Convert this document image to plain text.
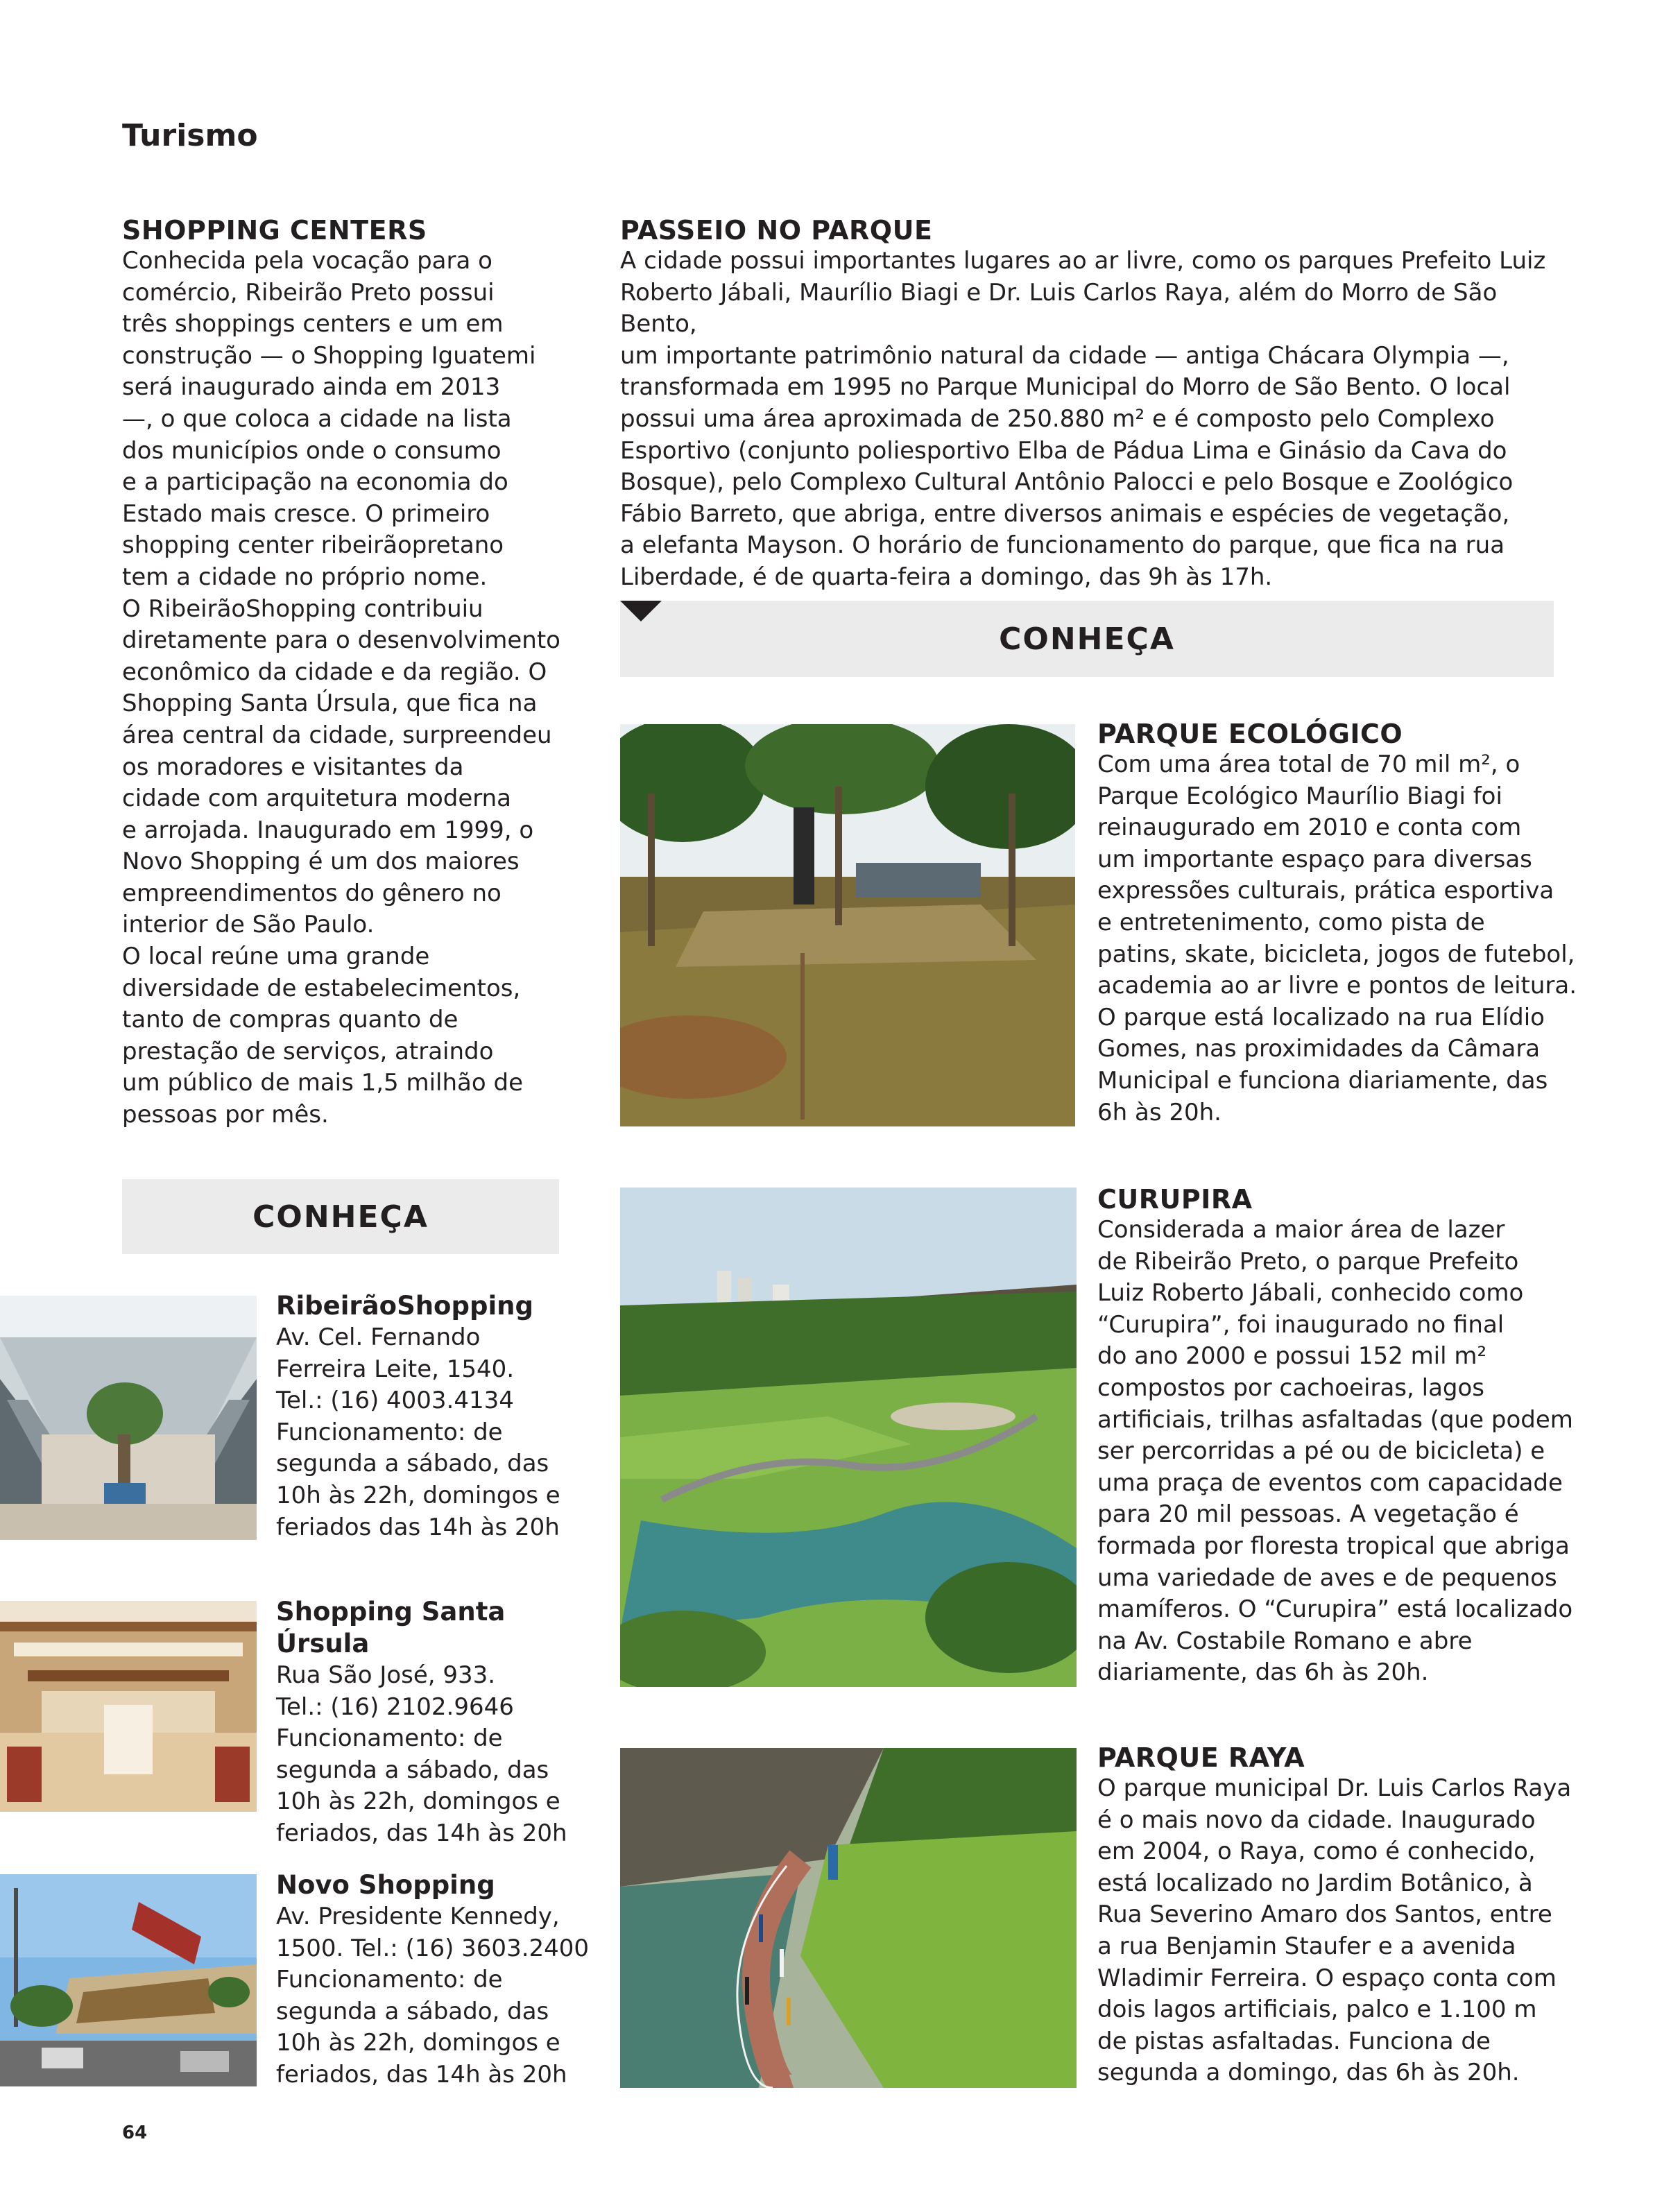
Turismo
SHOPPING CENTERS

Conhecida pela vocação para o
comércio, Ribeirão Preto possui
três shoppings centers e um em
construção — o Shopping Iguatemi
será inaugurado ainda em 2013
—, o que coloca a cidade na lista
dos municípios onde o consumo
e a participação na economia do
Estado mais cresce. O primeiro
shopping center ribeirãopretano
tem a cidade no próprio nome.
O RibeirãoShopping contribuiu
diretamente para o desenvolvimento
econômico da cidade e da região. O
Shopping Santa Úrsula, que fica na
área central da cidade, surpreendeu
os moradores e visitantes da
cidade com arquitetura moderna
e arrojada. Inaugurado em 1999, o
Novo Shopping é um dos maiores
empreendimentos do gênero no
interior de São Paulo.
O local reúne uma grande
diversidade de estabelecimentos,
tanto de compras quanto de
prestação de serviços, atraindo
um público de mais 1,5 milhão de
pessoas por mês.

CONHEÇA

RibeirãoShopping

Av. Cel. Fernando
Ferreira Leite, 1540.
Tel.: (16) 4003.4134
Funcionamento: de
segunda a sábado, das
10h às 22h, domingos e
feriados das 14h às 20h

Shopping Santa Úrsula

Rua São José, 933.
Tel.: (16) 2102.9646
Funcionamento: de
segunda a sábado, das
10h às 22h, domingos e
feriados, das 14h às 20h

Novo Shopping

Av. Presidente Kennedy,
1500. Tel.: (16) 3603.2400
Funcionamento: de
segunda a sábado, das
10h às 22h, domingos e
feriados, das 14h às 20h

PASSEIO NO PARQUE

A cidade possui importantes lugares ao ar livre, como os parques Prefeito Luiz
Roberto Jábali, Maurílio Biagi e Dr. Luis Carlos Raya, além do Morro de São Bento,
um importante patrimônio natural da cidade — antiga Chácara Olympia —,
transformada em 1995 no Parque Municipal do Morro de São Bento. O local
possui uma área aproximada de 250.880 m² e é composto pelo Complexo
Esportivo (conjunto poliesportivo Elba de Pádua Lima e Ginásio da Cava do
Bosque), pelo Complexo Cultural Antônio Palocci e pelo Bosque e Zoológico
Fábio Barreto, que abriga, entre diversos animais e espécies de vegetação,
a elefanta Mayson. O horário de funcionamento do parque, que fica na rua
Liberdade, é de quarta-feira a domingo, das 9h às 17h.

CONHEÇA
PARQUE ECOLÓGICO

Com uma área total de 70 mil m², o
Parque Ecológico Maurílio Biagi foi
reinaugurado em 2010 e conta com
um importante espaço para diversas
expressões culturais, prática esportiva
e entretenimento, como pista de
patins, skate, bicicleta, jogos de futebol,
academia ao ar livre e pontos de leitura.
O parque está localizado na rua Elídio
Gomes, nas proximidades da Câmara
Municipal e funciona diariamente, das
6h às 20h.

CURUPIRA

Considerada a maior área de lazer
de Ribeirão Preto, o parque Prefeito
Luiz Roberto Jábali, conhecido como
“Curupira”, foi inaugurado no final
do ano 2000 e possui 152 mil m²
compostos por cachoeiras, lagos
artificiais, trilhas asfaltadas (que podem
ser percorridas a pé ou de bicicleta) e
uma praça de eventos com capacidade
para 20 mil pessoas. A vegetação é
formada por floresta tropical que abriga
uma variedade de aves e de pequenos
mamíferos. O “Curupira” está localizado
na Av. Costabile Romano e abre
diariamente, das 6h às 20h.

PARQUE RAYA

O parque municipal Dr. Luis Carlos Raya
é o mais novo da cidade. Inaugurado
em 2004, o Raya, como é conhecido,
está localizado no Jardim Botânico, à
Rua Severino Amaro dos Santos, entre
a rua Benjamin Staufer e a avenida
Wladimir Ferreira. O espaço conta com
dois lagos artificiais, palco e 1.100 m
de pistas asfaltadas. Funciona de
segunda a domingo, das 6h às 20h.

64
